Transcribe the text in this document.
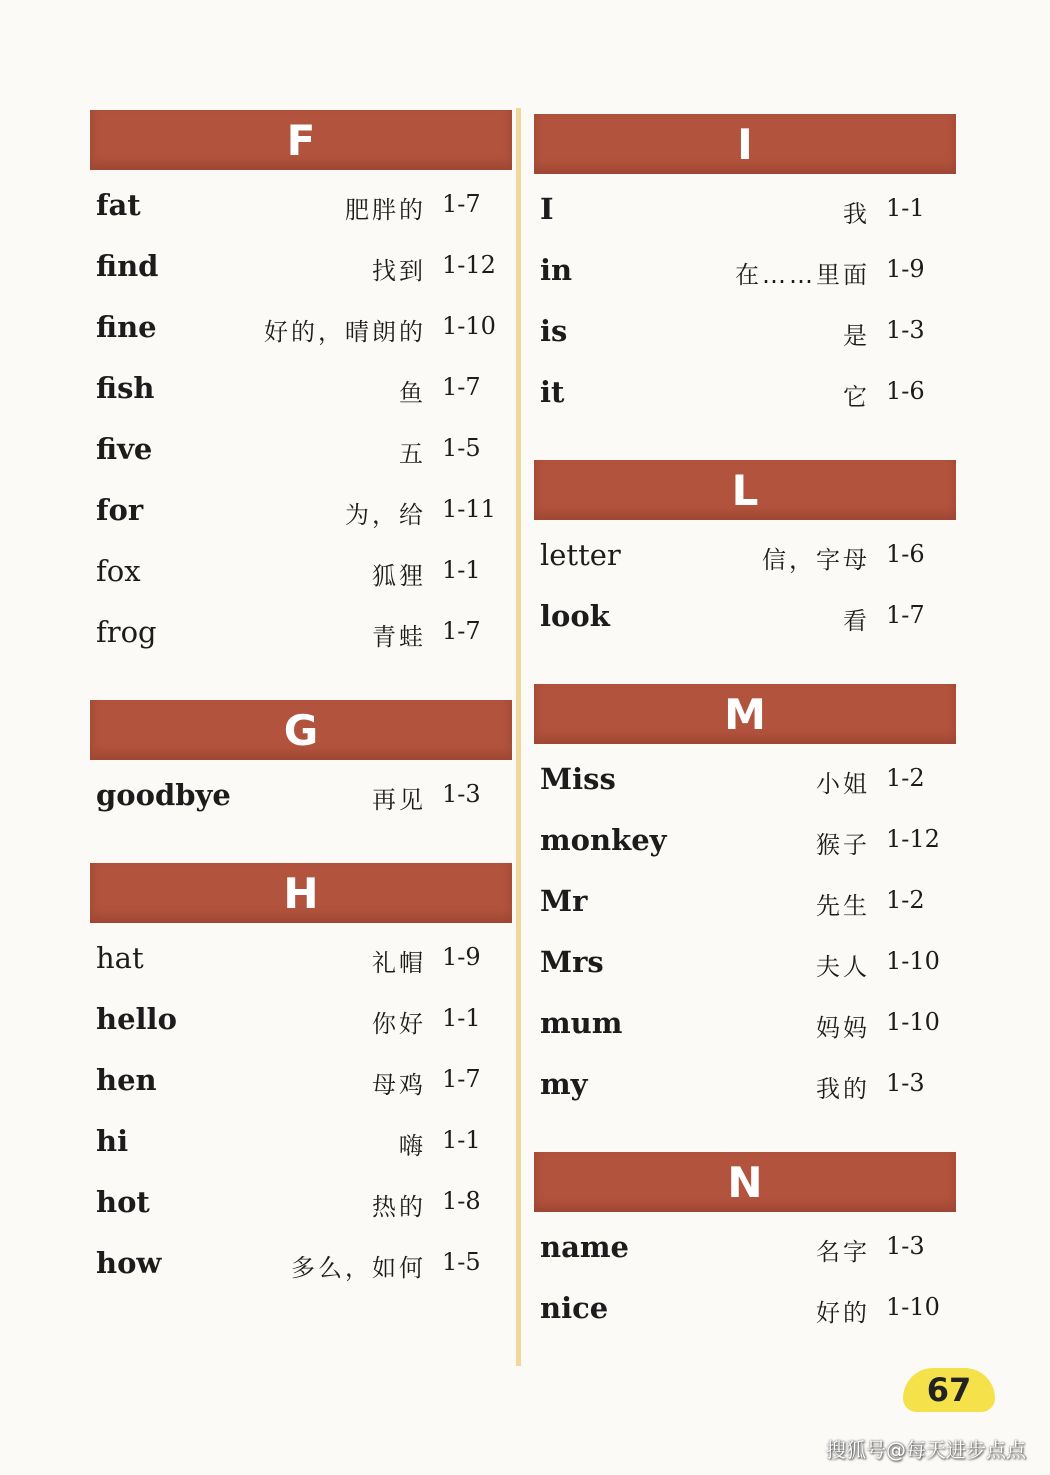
F
fat	肥胖的 1-7
find	找到 1-12
fine	好的，晴朗的 1-10
fish	鱼 1-7
five	五 1-5
for	为，给 1-11
fox	狐狸 1-1
frog	青蛙 1-7
G
goodbye	再见 1-3
H
hat	礼帽 1-9
hello	你好 1-1
hen	母鸡 1-7
hi	嗨 1-1
hot	热的 1-8
how	多么，如何 1-5
I
I	我 1-1
in	在……里面 1-9
is	是 1-3
it	它 1-6
L
letter	信，字母 1-6
look	看 1-7
M
Miss	小姐 1-2
monkey	猴子 1-12
Mr	先生 1-2
Mrs	夫人 1-10
mum	妈妈 1-10
my	我的 1-3
N
name	名字 1-3
nice	好的 1-10
67
搜狐号@每天进步点点
